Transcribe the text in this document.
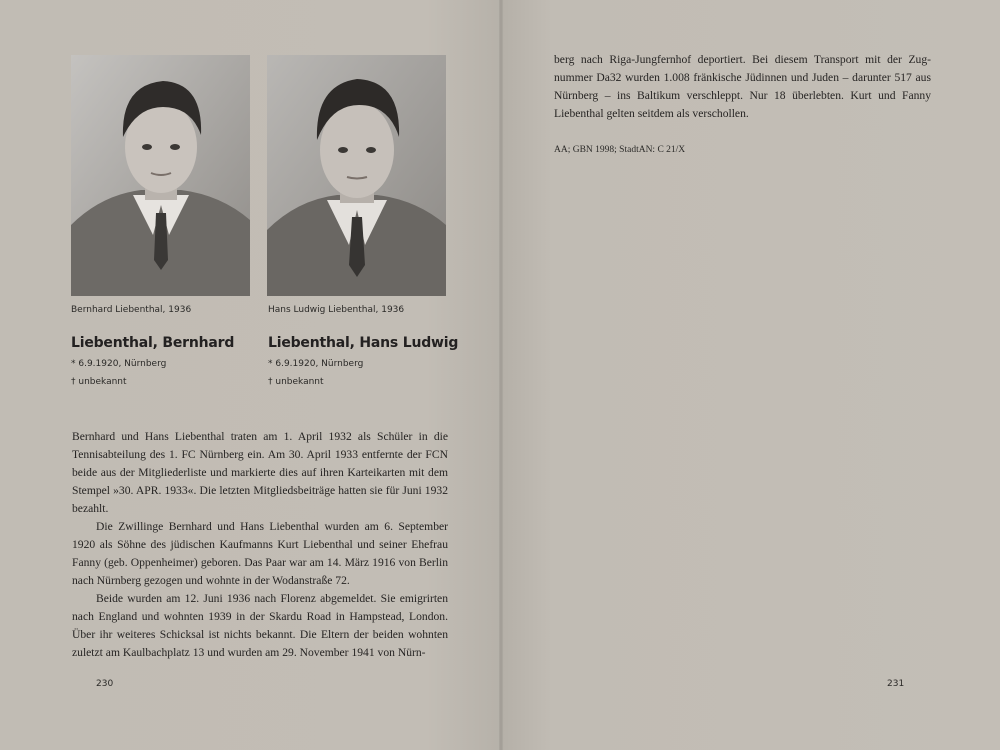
Bernhard Liebenthal, 1936	Hans Ludwig Liebenthal, 1936
Liebenthal, Bernhard Liebenthal, Hans Ludwig
* 6.9.1920, Nürnberg
† unbekannt
* 6.9.1920, Nürnberg
† unbekannt

Bernhard und Hans Liebenthal traten am 1. April 1932 als Schüler in die Tennisabteilung des 1. FC Nürnberg ein. Am 30. April 1933 entfernte der FCN beide aus der Mitgliederliste und markierte dies auf ihren Karteikarten mit dem Stempel »30. APR. 1933«. Die letzten Mitgliedsbeiträge hatten sie für Juni 1932 bezahlt.

Die Zwillinge Bernhard und Hans Liebenthal wurden am 6. September 1920 als Söhne des jüdischen Kaufmanns Kurt Liebenthal und seiner Ehefrau Fanny (geb. Oppenheimer) geboren. Das Paar war am 14. März 1916 von Berlin nach Nürnberg gezogen und wohnte in der Wodanstraße 72.

Beide wurden am 12. Juni 1936 nach Florenz abgemeldet. Sie emigrirten nach England und wohnten 1939 in der Skardu Road in Hampstead, London. Über ihr weiteres Schicksal ist nichts bekannt. Die Eltern der beiden wohnten zuletzt am Kaulbachplatz 13 und wurden am 29. November 1941 von Nürn-

230

berg nach Riga-Jungfernhof deportiert. Bei diesem Transport mit der Zugnummer Da32 wurden 1.008 fränkische Jüdinnen und Juden – darunter 517 aus Nürnberg – ins Baltikum verschleppt. Nur 18 überlebten. Kurt und Fanny Liebenthal gelten seitdem als verschollen.

AA; GBN 1998; StadtAN: C 21/X
231
